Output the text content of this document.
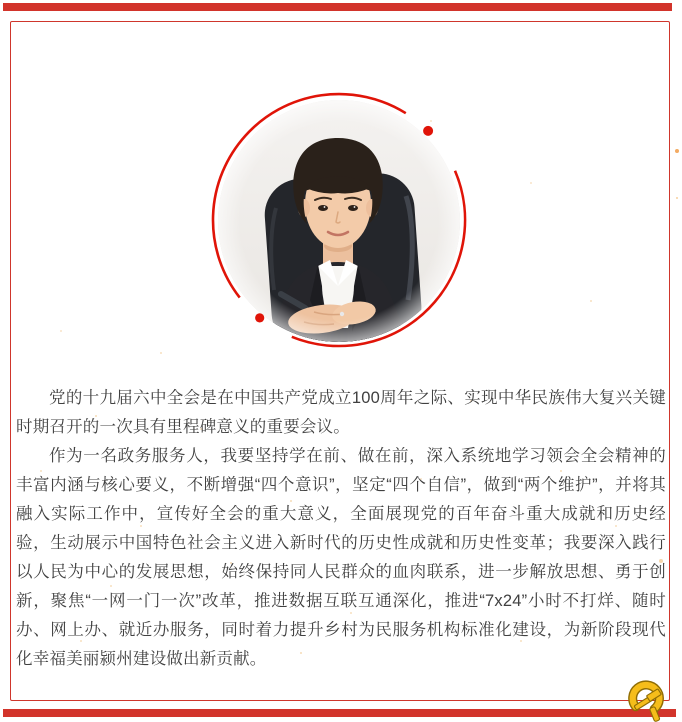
党的十九届六中全会是在中国共产党成立100周年之际、实现中华民族伟大复兴关键时期召开的一次具有里程碑意义的重要会议。

作为一名政务服务人，我要坚持学在前、做在前，深入系统地学习领会全会精神的丰富内涵与核心要义，不断增强“四个意识”，坚定“四个自信”，做到“两个维护”，并将其融入实际工作中，宣传好全会的重大意义，全面展现党的百年奋斗重大成就和历史经验，生动展示中国特色社会主义进入新时代的历史性成就和历史性变革；我要深入践行以人民为中心的发展思想，始终保持同人民群众的血肉联系，进一步解放思想、勇于创新，聚焦“一网一门一次”改革，推进数据互联互通深化，推进“7x24”小时不打烊、随时办、网上办、就近办服务，同时着力提升乡村为民服务机构标准化建设，为新阶段现代化幸福美丽颍州建设做出新贡献。
